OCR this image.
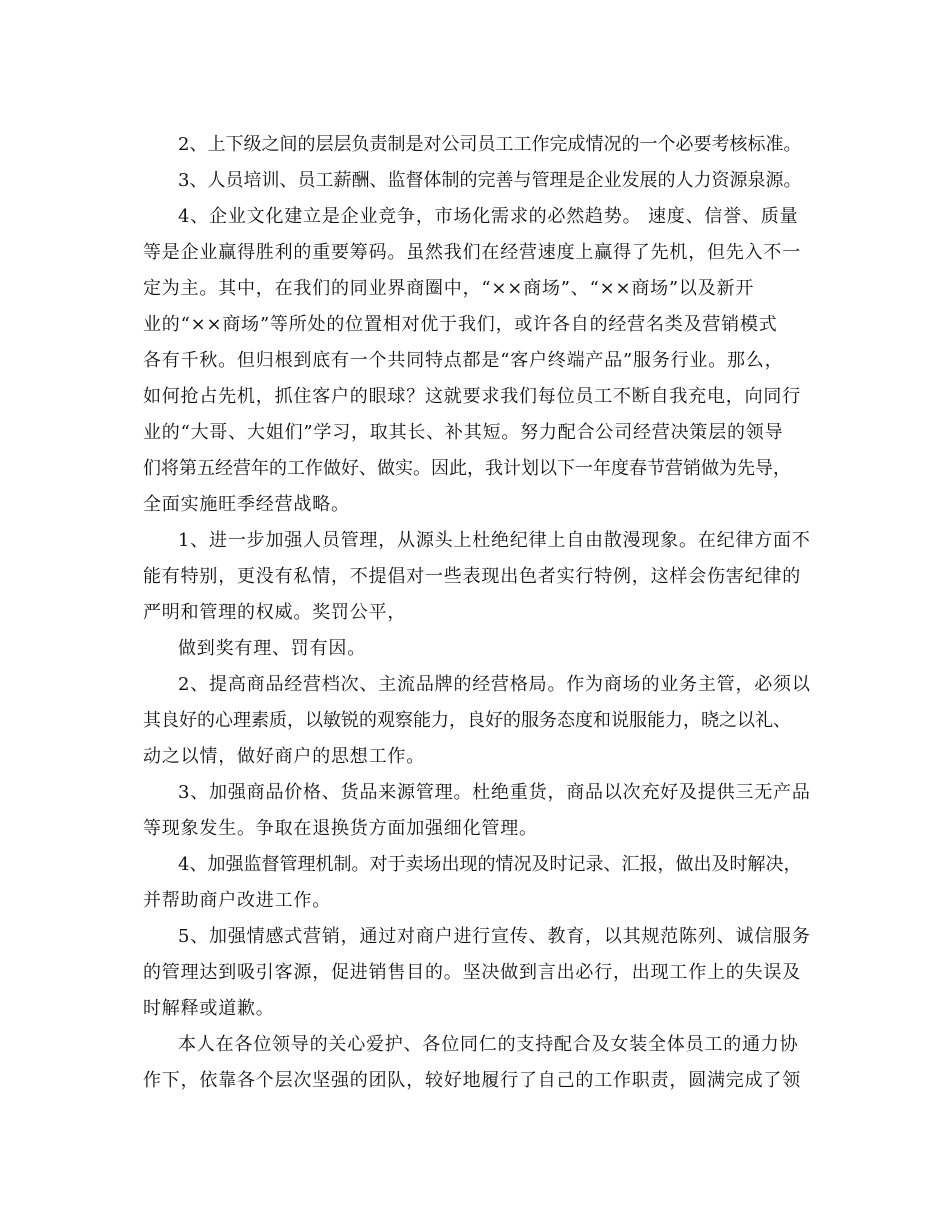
2、上下级之间的层层负责制是对公司员工工作完成情况的一个必要考核标准。
3、人员培训、员工薪酬、监督体制的完善与管理是企业发展的人力资源泉源。
4、企业文化建立是企业竞争，市场化需求的必然趋势。 速度、信誉、质量
等是企业赢得胜利的重要筹码。虽然我们在经营速度上赢得了先机，但先入不一
定为主。其中，在我们的同业界商圈中，“××商场”、“××商场”以及新开
业的“××商场”等所处的位置相对优于我们，或许各自的经营名类及营销模式
各有千秋。但归根到底有一个共同特点都是“客户终端产品”服务行业。那么，
如何抢占先机，抓住客户的眼球？这就要求我们每位员工不断自我充电，向同行
业的“大哥、大姐们”学习，取其长、补其短。努力配合公司经营决策层的领导
们将第五经营年的工作做好、做实。因此，我计划以下一年度春节营销做为先导，
全面实施旺季经营战略。
1、进一步加强人员管理，从源头上杜绝纪律上自由散漫现象。在纪律方面不
能有特别，更没有私情，不提倡对一些表现出色者实行特例，这样会伤害纪律的
严明和管理的权威。奖罚公平，
做到奖有理、罚有因。
2、提高商品经营档次、主流品牌的经营格局。作为商场的业务主管，必须以
其良好的心理素质，以敏锐的观察能力，良好的服务态度和说服能力，晓之以礼、
动之以情，做好商户的思想工作。
3、加强商品价格、货品来源管理。杜绝重货，商品以次充好及提供三无产品
等现象发生。争取在退换货方面加强细化管理。
4、加强监督管理机制。对于卖场出现的情况及时记录、汇报，做出及时解决，
并帮助商户改进工作。
5、加强情感式营销，通过对商户进行宣传、教育，以其规范陈列、诚信服务
的管理达到吸引客源，促进销售目的。坚决做到言出必行，出现工作上的失误及
时解释或道歉。
本人在各位领导的关心爱护、各位同仁的支持配合及女装全体员工的通力协
作下，依靠各个层次坚强的团队，较好地履行了自己的工作职责，圆满完成了领
